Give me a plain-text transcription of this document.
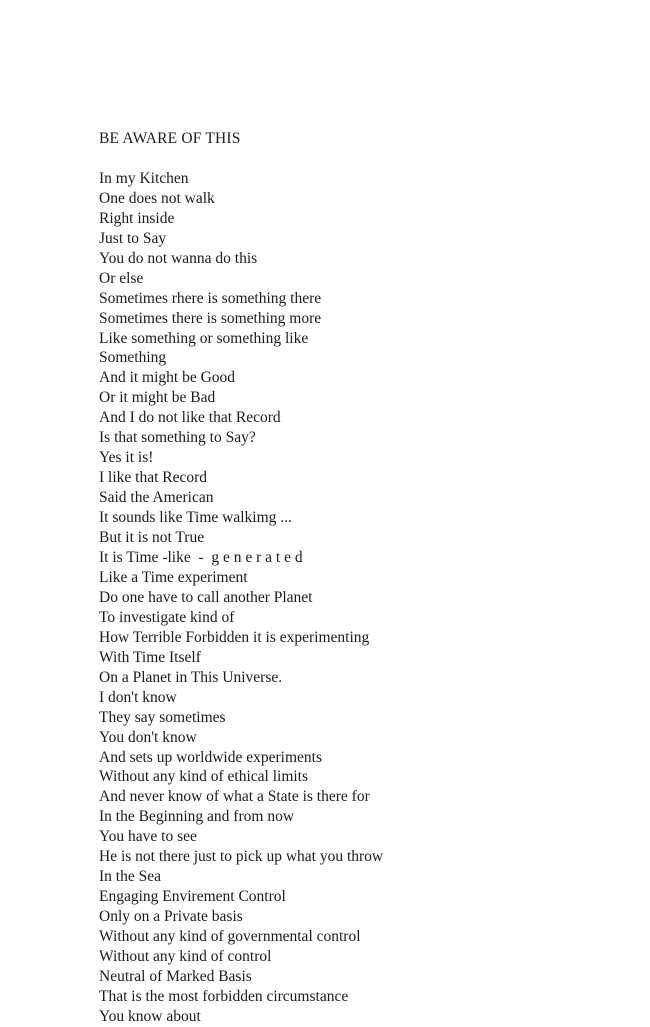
BE AWARE OF THIS
In my Kitchen
One does not walk
Right inside
Just to Say
You do not wanna do this
Or else
Sometimes rhere is something there
Sometimes there is something more
Like something or something like
Something
And it might be Good
Or it might be Bad
And I do not like that Record
Is that something to Say?
Yes it is!
I like that Record
Said the American
It sounds like Time walkimg ...
But it is not True
It is Time -like  -  g e n e r a t e d
Like a Time experiment
Do one have to call another Planet
To investigate kind of
How Terrible Forbidden it is experimenting
With Time Itself
On a Planet in This Universe.
I don't know
They say sometimes
You don't know
And sets up worldwide experiments
Without any kind of ethical limits
And never know of what a State is there for
In the Beginning and from now
You have to see
He is not there just to pick up what you throw
In the Sea
Engaging Envirement Control
Only on a Private basis
Without any kind of governmental control
Without any kind of control
Neutral of Marked Basis
That is the most forbidden circumstance
You know about
